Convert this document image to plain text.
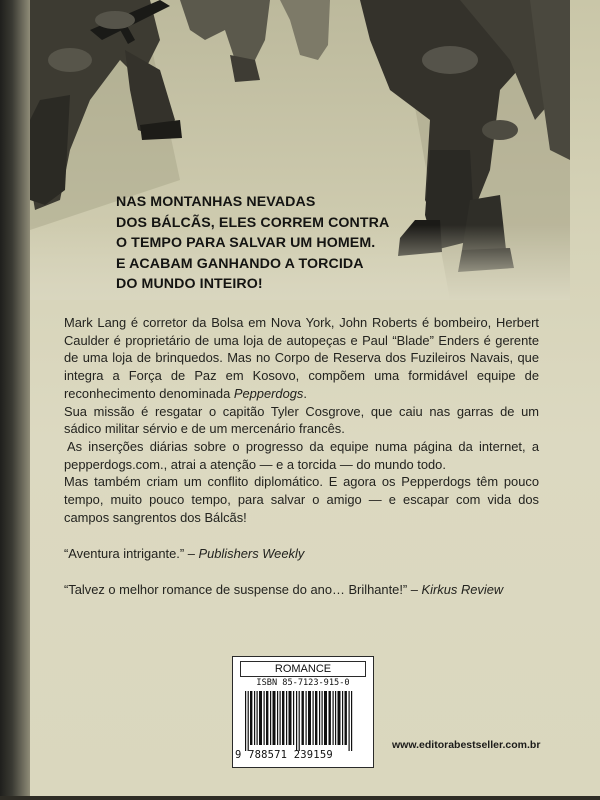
NAS MONTANHAS NEVADAS
DOS BÁLCÃS, ELES CORREM CONTRA
O TEMPO PARA SALVAR UM HOMEM.
E ACABAM GANHANDO A TORCIDA
DO MUNDO INTEIRO!

Mark Lang é corretor da Bolsa em Nova York, John Roberts é bombeiro, Herbert Caulder é proprietário de uma loja de autopeças e Paul “Blade” Enders é gerente de uma loja de brinquedos. Mas no Corpo de Reserva dos Fuzileiros Navais, que integra a Força de Paz em Kosovo, compõem uma formidável equipe de reconhecimento denominada Pepperdogs.

Sua missão é resgatar o capitão Tyler Cosgrove, que caiu nas garras de um sádico militar sérvio e de um mercenário francês.

As inserções diárias sobre o progresso da equipe numa página da internet, a pepperdogs.com., atrai a atenção — e a torcida — do mundo todo.

Mas também criam um conflito diplomático. E agora os Pepperdogs têm pouco tempo, muito pouco tempo, para salvar o amigo — e escapar com vida dos campos sangrentos dos Bálcãs!

“Aventura intrigante.” – Publishers Weekly
“Talvez o melhor romance de suspense do ano… Brilhante!” – Kirkus Review
ROMANCE
ISBN 85-7123-915-0
9 788571 239159
www.editorabestseller.com.br
